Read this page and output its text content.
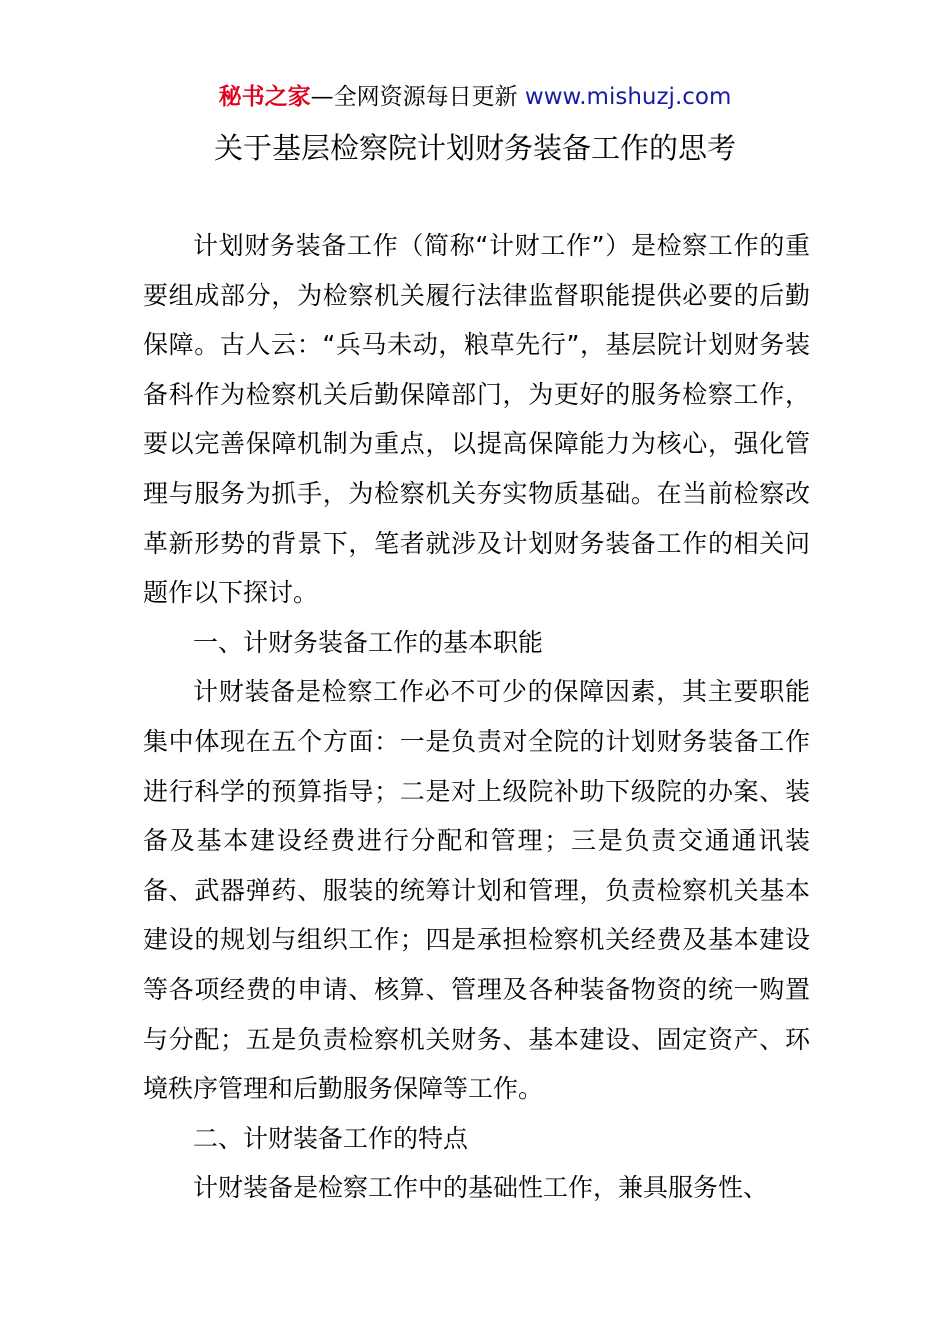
秘书之家—全网资源每日更新 www.mishuzj.com
关于基层检察院计划财务装备工作的思考

计划财务装备工作（简称“计财工作”）是检察工作的重要组成部分，为检察机关履行法律监督职能提供必要的后勤保障。古人云：“兵马未动，粮草先行”，基层院计划财务装备科作为检察机关后勤保障部门，为更好的服务检察工作，要以完善保障机制为重点，以提高保障能力为核心，强化管理与服务为抓手，为检察机关夯实物质基础。在当前检察改革新形势的背景下，笔者就涉及计划财务装备工作的相关问题作以下探讨。

一、计财务装备工作的基本职能

计财装备是检察工作必不可少的保障因素，其主要职能集中体现在五个方面：一是负责对全院的计划财务装备工作进行科学的预算指导；二是对上级院补助下级院的办案、装备及基本建设经费进行分配和管理；三是负责交通通讯装备、武器弹药、服装的统筹计划和管理，负责检察机关基本建设的规划与组织工作；四是承担检察机关经费及基本建设等各项经费的申请、核算、管理及各种装备物资的统一购置与分配；五是负责检察机关财务、基本建设、固定资产、环境秩序管理和后勤服务保障等工作。

二、计财装备工作的特点

计财装备是检察工作中的基础性工作，兼具服务性、
